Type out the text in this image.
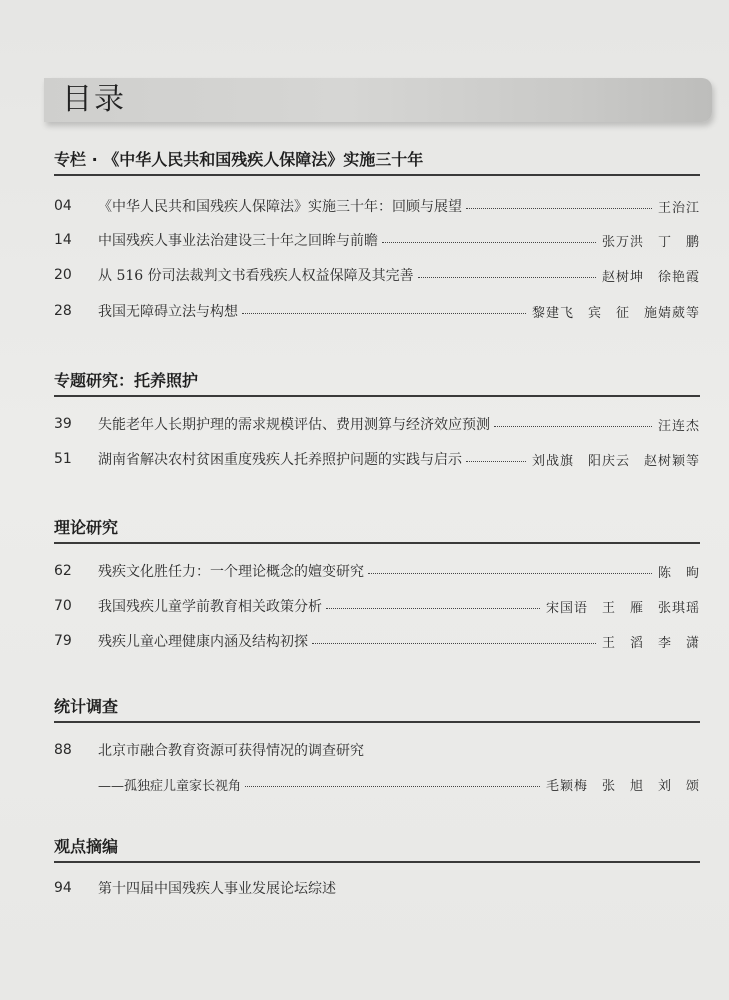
目录
专栏 · 《中华人民共和国残疾人保障法》实施三十年
04	《中华人民共和国残疾人保障法》实施三十年：回顾与展望	王治江
14	中国残疾人事业法治建设三十年之回眸与前瞻	张万洪　丁　鹏
20	从 516 份司法裁判文书看残疾人权益保障及其完善	赵树坤　徐艳霞
28	我国无障碍立法与构想	黎建飞　宾　征　施婧葳等
专题研究：托养照护
39	失能老年人长期护理的需求规模评估、费用测算与经济效应预测	汪连杰
51	湖南省解决农村贫困重度残疾人托养照护问题的实践与启示	刘战旗　阳庆云　赵树颖等
理论研究
62	残疾文化胜任力：一个理论概念的嬗变研究	陈　昫
70	我国残疾儿童学前教育相关政策分析	宋国语　王　雁　张琪瑶
79	残疾儿童心理健康内涵及结构初探	王　滔　李　潇
统计调查
88	北京市融合教育资源可获得情况的调查研究
——孤独症儿童家长视角	毛颖梅　张　旭　刘　颂
观点摘编
94	第十四届中国残疾人事业发展论坛综述
